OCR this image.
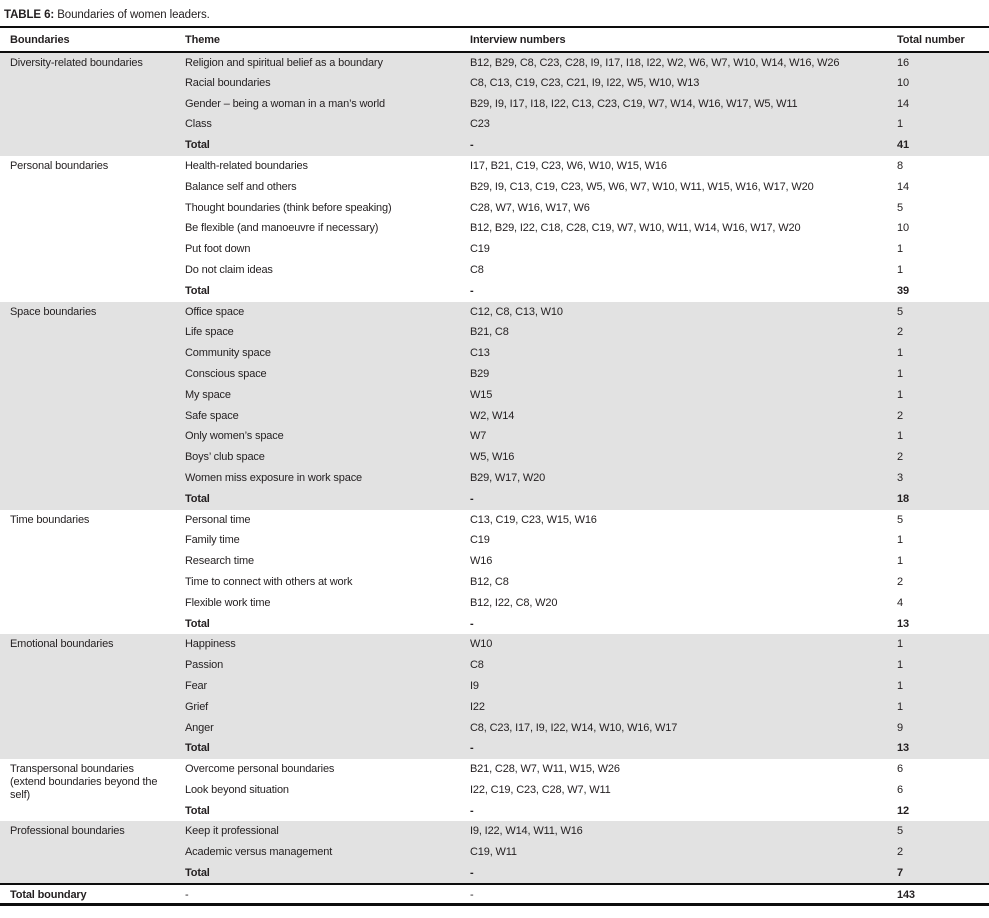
TABLE 6: Boundaries of women leaders.
Boundaries	Theme	Interview numbers	Total number
Diversity-related boundaries	Religion and spiritual belief as a boundary	B12, B29, C8, C23, C28, I9, I17, I18, I22, W2, W6, W7, W10, W14, W16, W26	16
	Racial boundaries	C8, C13, C19, C23, C21, I9, I22, W5, W10, W13	10
	Gender – being a woman in a man’s world	B29, I9, I17, I18, I22, C13, C23, C19, W7, W14, W16, W17, W5, W11	14
	Class	C23	1
	Total	-	41
Personal boundaries	Health-related boundaries	I17, B21, C19, C23, W6, W10, W15, W16	8
	Balance self and others	B29, I9, C13, C19, C23, W5, W6, W7, W10, W11, W15, W16, W17, W20	14
	Thought boundaries (think before speaking)	C28, W7, W16, W17, W6	5
	Be flexible (and manoeuvre if necessary)	B12, B29, I22, C18, C28, C19, W7, W10, W11, W14, W16, W17, W20	10
	Put foot down	C19	1
	Do not claim ideas	C8	1
	Total	-	39
Space boundaries	Office space	C12, C8, C13, W10	5
	Life space	B21, C8	2
	Community space	C13	1
	Conscious space	B29	1
	My space	W15	1
	Safe space	W2, W14	2
	Only women’s space	W7	1
	Boys’ club space	W5, W16	2
	Women miss exposure in work space	B29, W17, W20	3
	Total	-	18
Time boundaries	Personal time	C13, C19, C23, W15, W16	5
	Family time	C19	1
	Research time	W16	1
	Time to connect with others at work	B12, C8	2
	Flexible work time	B12, I22, C8, W20	4
	Total	-	13
Emotional boundaries	Happiness	W10	1
	Passion	C8	1
	Fear	I9	1
	Grief	I22	1
	Anger	C8, C23, I17, I9, I22, W14, W10, W16, W17	9
	Total	-	13
Transpersonal boundaries (extend boundaries beyond the self)	Overcome personal boundaries	B21, C28, W7, W11, W15, W26	6
	Look beyond situation	I22, C19, C23, C28, W7, W11	6
	Total	-	12
Professional boundaries	Keep it professional	I9, I22, W14, W11, W16	5
	Academic versus management	C19, W11	2
	Total	-	7
Total boundary	-	-	143
